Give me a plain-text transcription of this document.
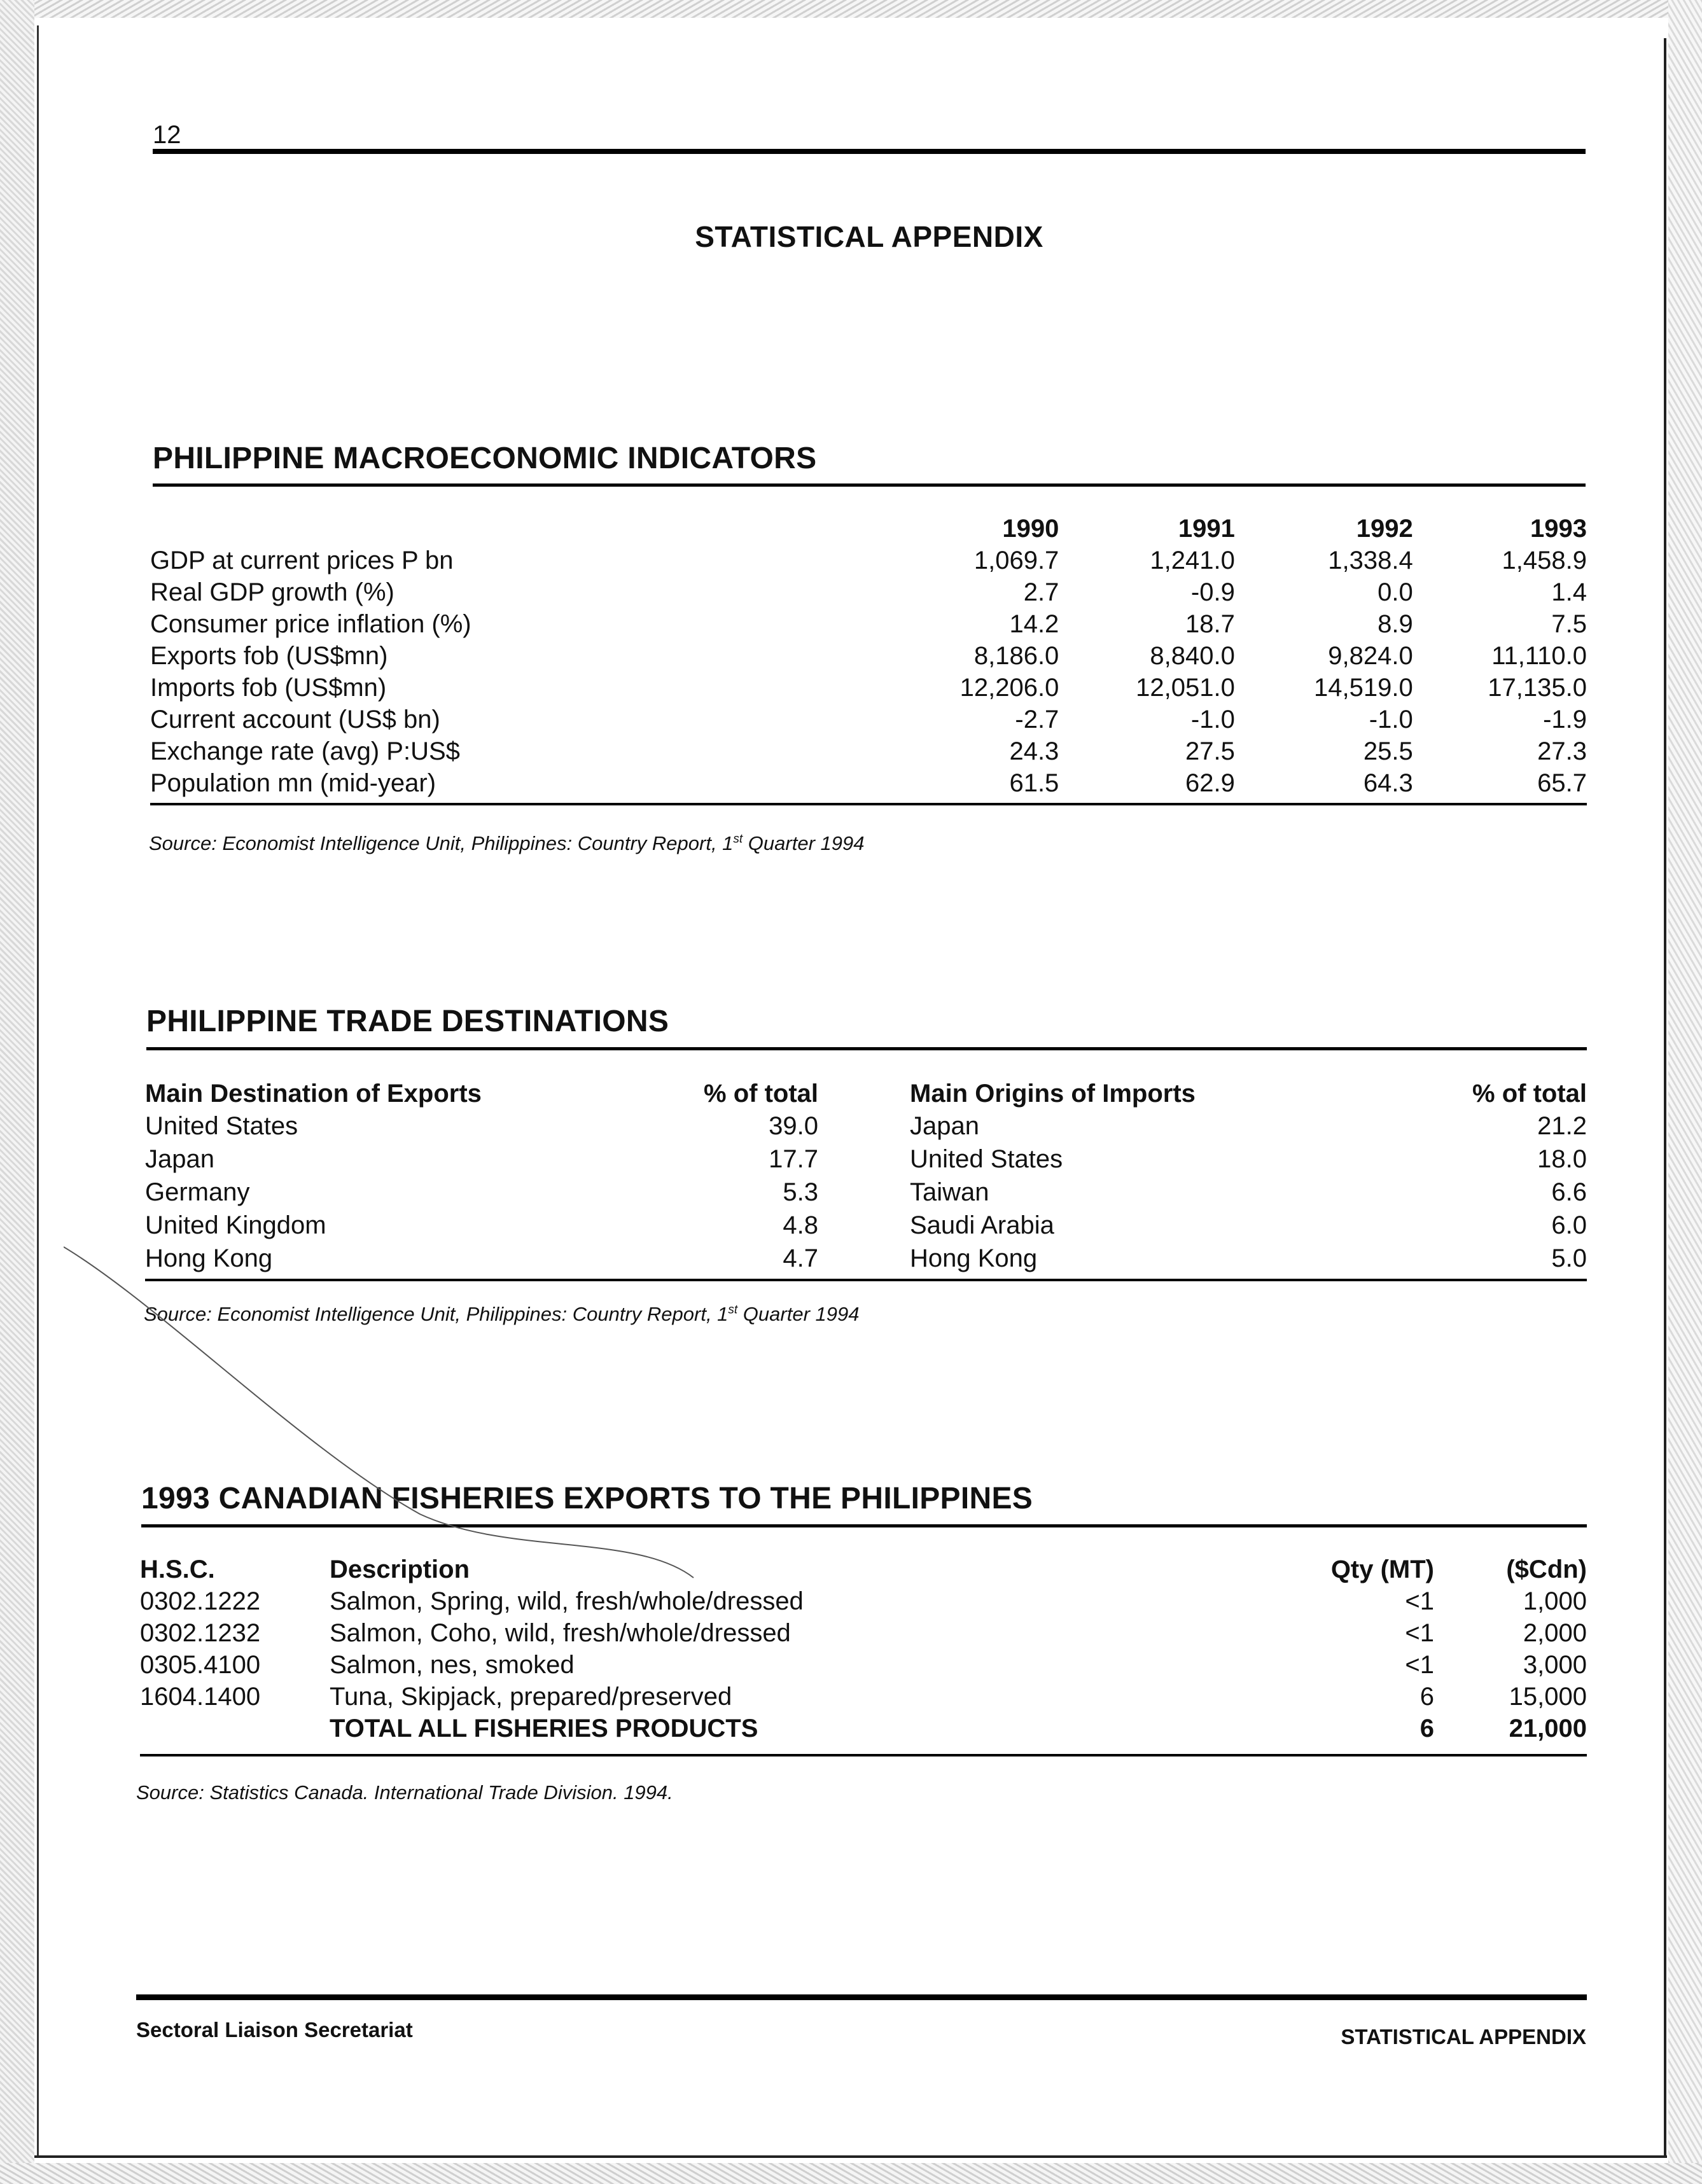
12
STATISTICAL APPENDIX
PHILIPPINE MACROECONOMIC INDICATORS
	1990	1991	1992	1993
GDP at current prices P bn	1,069.7	1,241.0	1,338.4	1,458.9
Real GDP growth (%)	2.7	-0.9	0.0	1.4
Consumer price inflation (%)	14.2	18.7	8.9	7.5
Exports fob (US$mn)	8,186.0	8,840.0	9,824.0	11,110.0
Imports fob (US$mn)	12,206.0	12,051.0	14,519.0	17,135.0
Current account (US$ bn)	-2.7	-1.0	-1.0	-1.9
Exchange rate (avg) P:US$	24.3	27.5	25.5	27.3
Population mn (mid-year)	61.5	62.9	64.3	65.7
Source: Economist Intelligence Unit, Philippines: Country Report, 1st Quarter 1994
PHILIPPINE TRADE DESTINATIONS
Main Destination of Exports	% of total
United States	39.0
Japan	17.7
Germany	5.3
United Kingdom	4.8
Hong Kong	4.7
Main Origins of Imports	% of total
Japan	21.2
United States	18.0
Taiwan	6.6
Saudi Arabia	6.0
Hong Kong	5.0
Source: Economist Intelligence Unit, Philippines: Country Report, 1st Quarter 1994
1993 CANADIAN FISHERIES EXPORTS TO THE PHILIPPINES
H.S.C.	Description	Qty (MT)	($Cdn)
0302.1222	Salmon, Spring, wild, fresh/whole/dressed	<1	1,000
0302.1232	Salmon, Coho, wild, fresh/whole/dressed	<1	2,000
0305.4100	Salmon, nes, smoked	<1	3,000
1604.1400	Tuna, Skipjack, prepared/preserved	6	15,000
	TOTAL ALL FISHERIES PRODUCTS	6	21,000
Source: Statistics Canada. International Trade Division. 1994.
Sectoral Liaison Secretariat	STATISTICAL APPENDIX
